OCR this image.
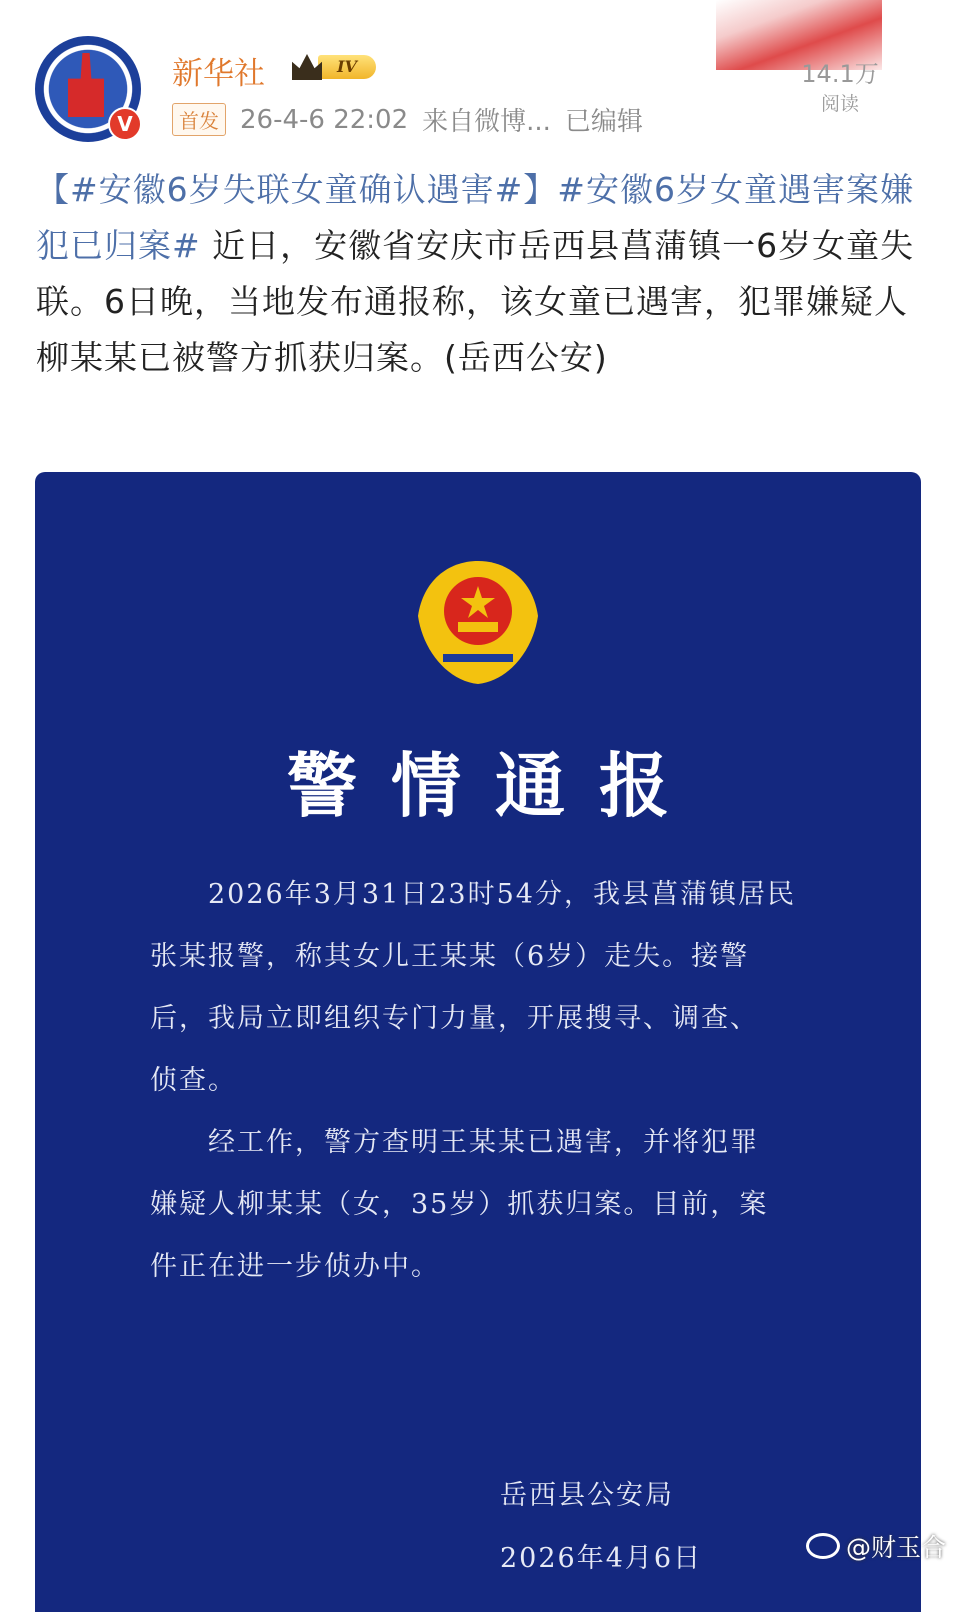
V
新华社	IV
首发 26-4-6 22:02 来自微博... 已编辑
14.1万
阅读
【#安徽6岁失联女童确认遇害#】#安徽6岁女童遇害案嫌犯已归案# 近日，安徽省安庆市岳西县菖蒲镇一6岁女童失联。6日晚，当地发布通报称，该女童已遇害，犯罪嫌疑人柳某某已被警方抓获归案。(岳西公安)
警情通报
　　2026年3月31日23时54分，我县菖蒲镇居民
张某报警，称其女儿王某某（6岁）走失。接警
后，我局立即组织专门力量，开展搜寻、调查、
侦查。
　　经工作，警方查明王某某已遇害，并将犯罪
嫌疑人柳某某（女，35岁）抓获归案。目前，案
件正在进一步侦办中。
岳西县公安局
2026年4月6日	@财玉合
